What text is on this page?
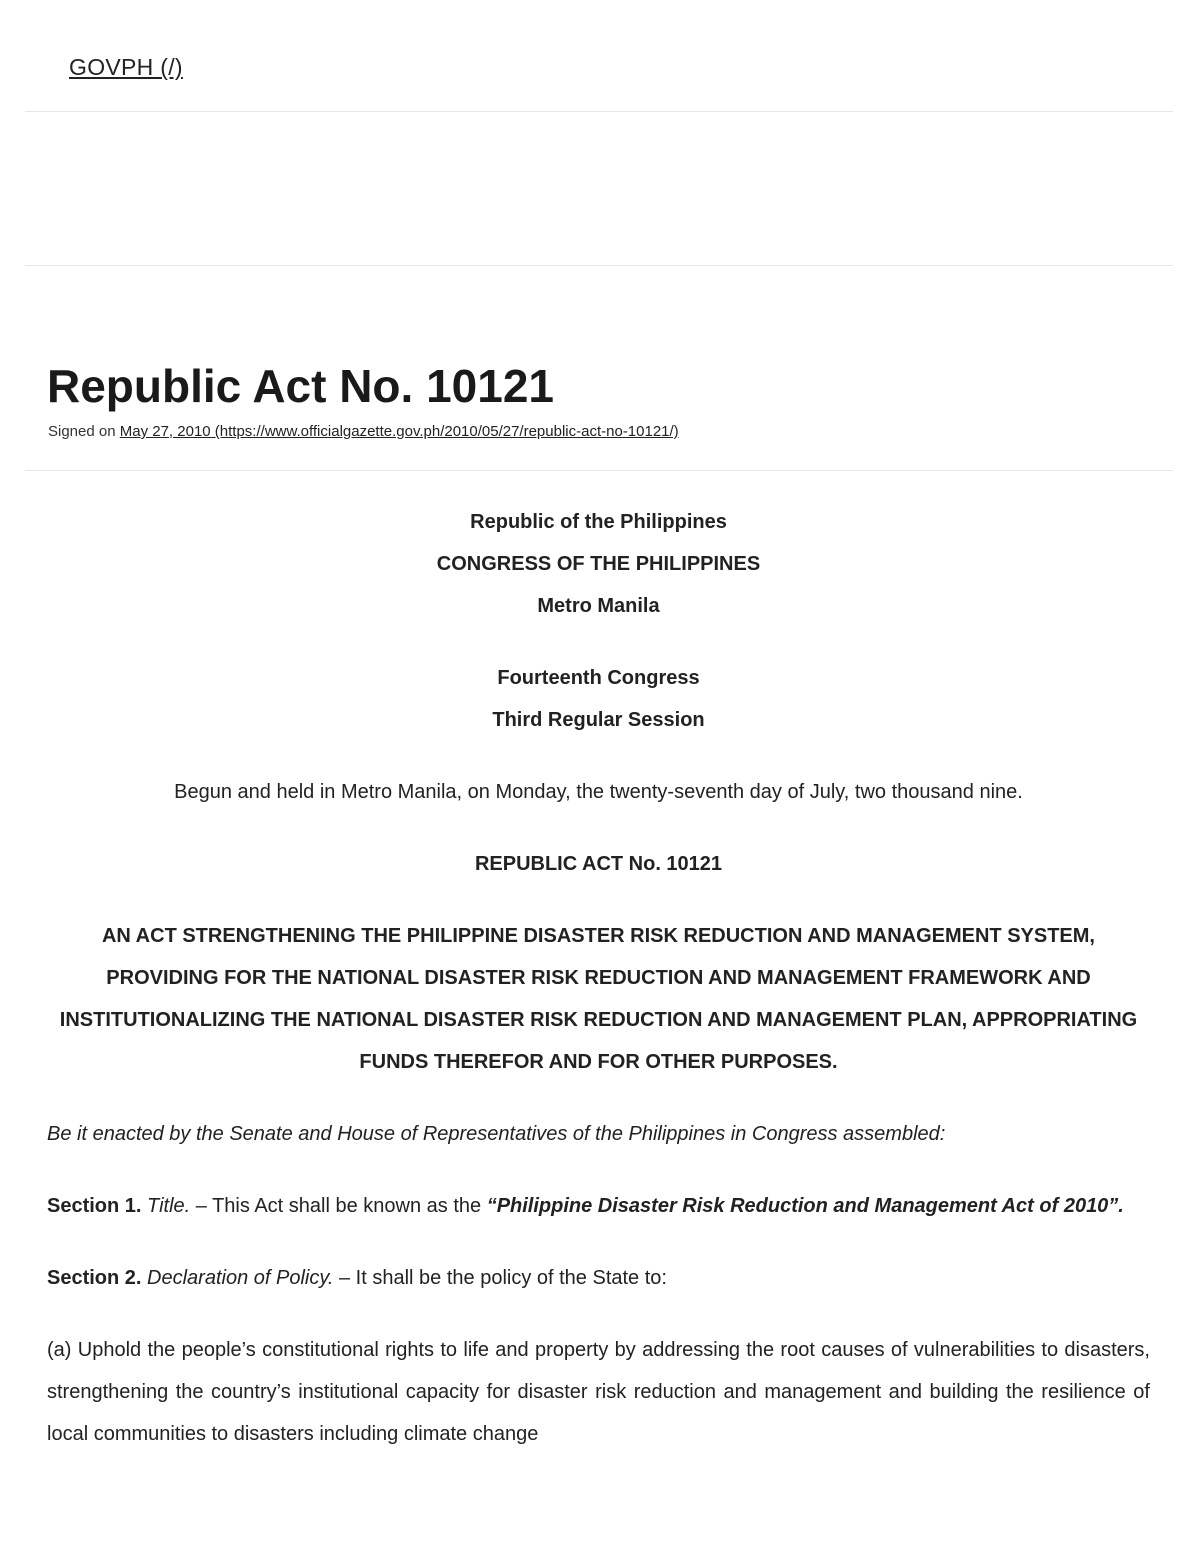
GOVPH (/)
Republic Act No. 10121
Signed on May 27, 2010 (https://www.officialgazette.gov.ph/2010/05/27/republic-act-no-10121/)

Republic of the Philippines

CONGRESS OF THE PHILIPPINES

Metro Manila

Fourteenth Congress

Third Regular Session

Begun and held in Metro Manila, on Monday, the twenty-seventh day of July, two thousand nine.

REPUBLIC ACT No. 10121

AN ACT STRENGTHENING THE PHILIPPINE DISASTER RISK REDUCTION AND MANAGEMENT SYSTEM, PROVIDING FOR THE NATIONAL DISASTER RISK REDUCTION AND MANAGEMENT FRAMEWORK AND INSTITUTIONALIZING THE NATIONAL DISASTER RISK REDUCTION AND MANAGEMENT PLAN, APPROPRIATING FUNDS THEREFOR AND FOR OTHER PURPOSES.

Be it enacted by the Senate and House of Representatives of the Philippines in Congress assembled:

Section 1. Title. – This Act shall be known as the “Philippine Disaster Risk Reduction and Management Act of 2010”.

Section 2. Declaration of Policy. – It shall be the policy of the State to:

(a) Uphold the people’s constitutional rights to life and property by addressing the root causes of vulnerabilities to disasters, strengthening the country’s institutional capacity for disaster risk reduction and management and building the resilience of local communities to disasters including climate change
